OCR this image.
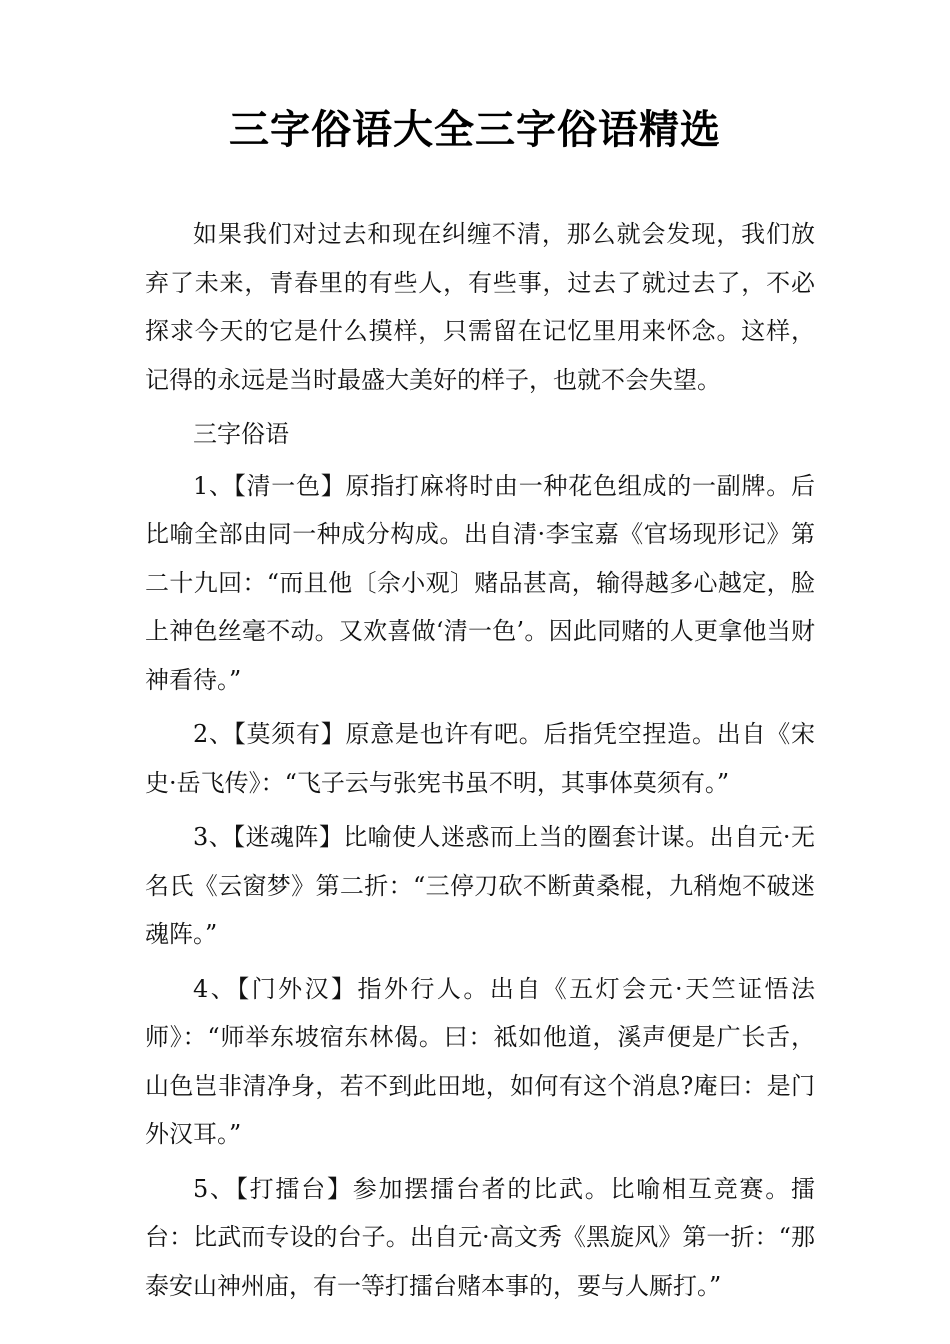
三字俗语大全三字俗语精选

如果我们对过去和现在纠缠不清，那么就会发现，我们放弃了未来，青春里的有些人，有些事，过去了就过去了，不必探求今天的它是什么摸样，只需留在记忆里用来怀念。这样，记得的永远是当时最盛大美好的样子，也就不会失望。

三字俗语

1、【清一色】原指打麻将时由一种花色组成的一副牌。后比喻全部由同一种成分构成。出自清·李宝嘉《官场现形记》第二十九回：“而且他〔佘小观〕赌品甚高，输得越多心越定，脸上神色丝毫不动。又欢喜做‘清一色’。因此同赌的人更拿他当财神看待。”

2、【莫须有】原意是也许有吧。后指凭空捏造。出自《宋史·岳飞传》：“飞子云与张宪书虽不明，其事体莫须有。”

3、【迷魂阵】比喻使人迷惑而上当的圈套计谋。出自元·无名氏《云窗梦》第二折：“三停刀砍不断黄桑棍，九稍炮不破迷魂阵。”

4、【门外汉】指外行人。出自《五灯会元·天竺证悟法师》：“师举东坡宿东林偈。曰：祗如他道，溪声便是广长舌，山色岂非清净身，若不到此田地，如何有这个消息?庵曰：是门外汉耳。”

5、【打擂台】参加摆擂台者的比武。比喻相互竞赛。擂台：比武而专设的台子。出自元·高文秀《黑旋风》第一折：“那泰安山神州庙，有一等打擂台赌本事的，要与人厮打。”
